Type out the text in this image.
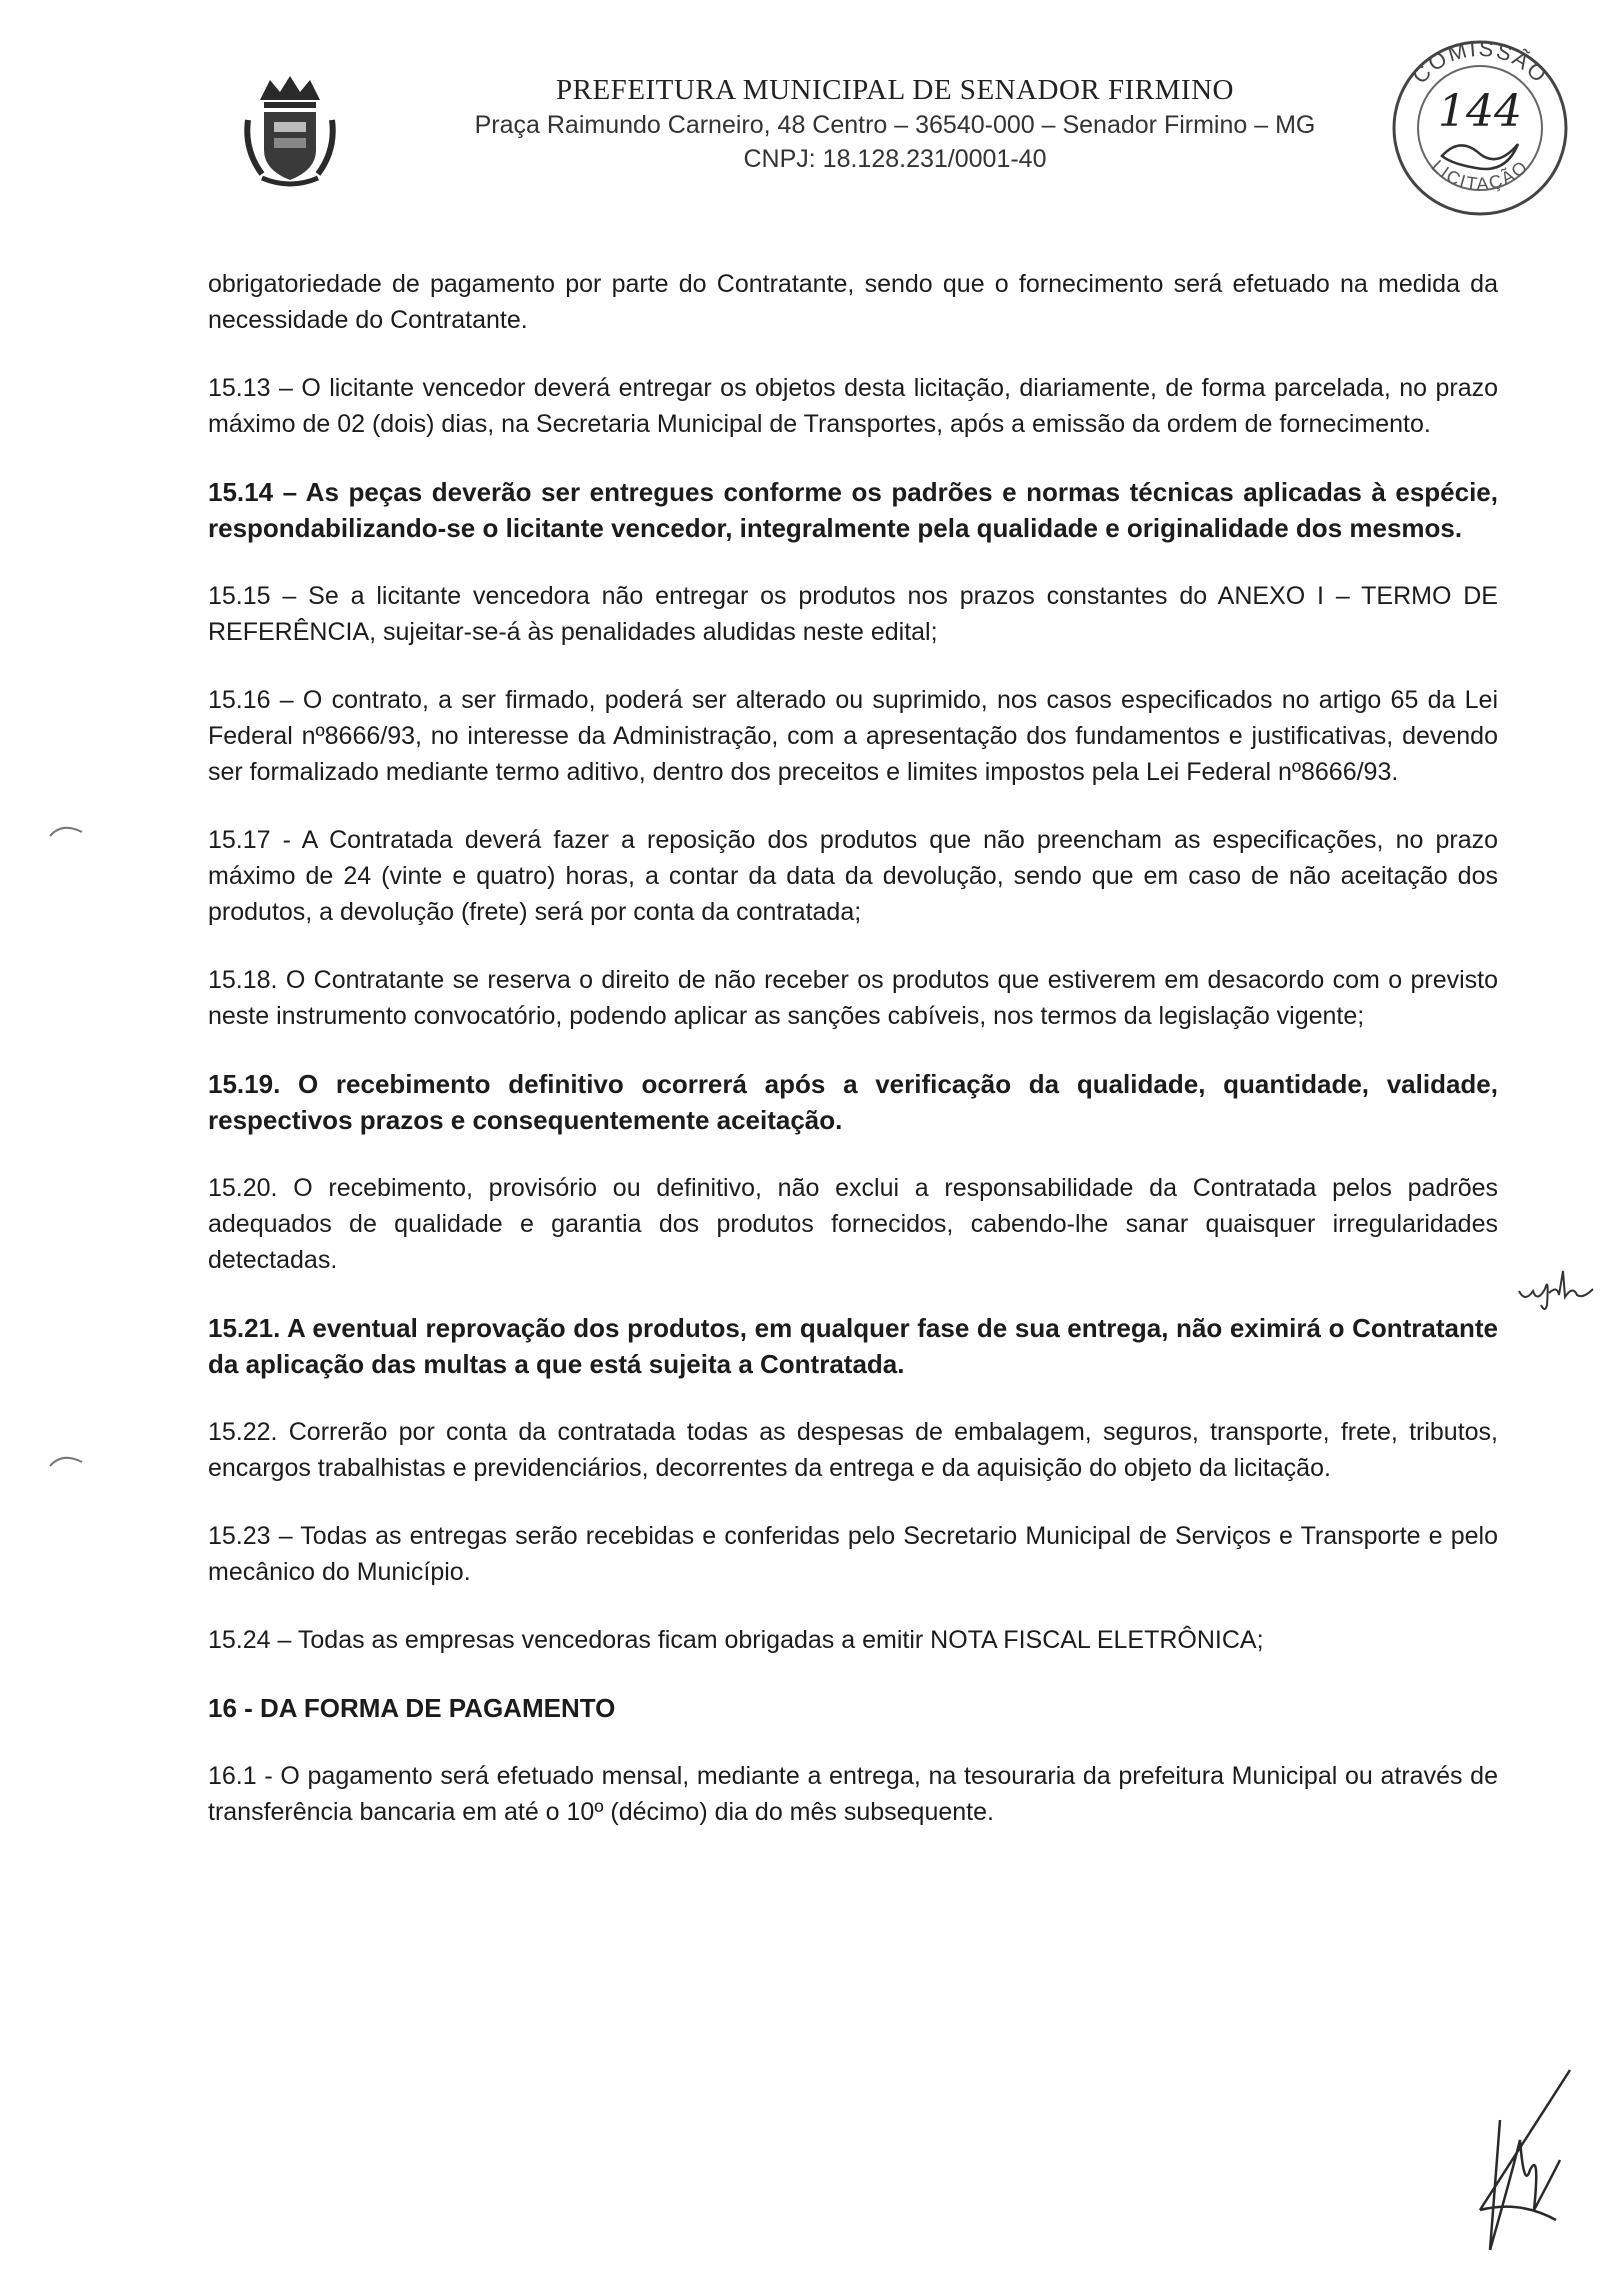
PREFEITURA MUNICIPAL DE SENADOR FIRMINO
Praça Raimundo Carneiro, 48 Centro – 36540-000 – Senador Firmino – MG
CNPJ: 18.128.231/0001-40
COMISSÃO
LICITAÇÃO
144

obrigatoriedade de pagamento por parte do Contratante, sendo que o fornecimento será efetuado na medida da necessidade do Contratante.

15.13 – O licitante vencedor deverá entregar os objetos desta licitação, diariamente, de forma parcelada, no prazo máximo de 02 (dois) dias, na Secretaria Municipal de Transportes, após a emissão da ordem de fornecimento.

15.14 – As peças deverão ser entregues conforme os padrões e normas técnicas aplicadas à espécie, respondabilizando-se o licitante vencedor, integralmente pela qualidade e originalidade dos mesmos.

15.15 – Se a licitante vencedora não entregar os produtos nos prazos constantes do ANEXO I – TERMO DE REFERÊNCIA, sujeitar-se-á às penalidades aludidas neste edital;

15.16 – O contrato, a ser firmado, poderá ser alterado ou suprimido, nos casos especificados no artigo 65 da Lei Federal nº8666/93, no interesse da Administração, com a apresentação dos fundamentos e justificativas, devendo ser formalizado mediante termo aditivo, dentro dos preceitos e limites impostos pela Lei Federal nº8666/93.

15.17 - A Contratada deverá fazer a reposição dos produtos que não preencham as especificações, no prazo máximo de 24 (vinte e quatro) horas, a contar da data da devolução, sendo que em caso de não aceitação dos produtos, a devolução (frete) será por conta da contratada;

15.18. O Contratante se reserva o direito de não receber os produtos que estiverem em desacordo com o previsto neste instrumento convocatório, podendo aplicar as sanções cabíveis, nos termos da legislação vigente;

15.19. O recebimento definitivo ocorrerá após a verificação da qualidade, quantidade, validade, respectivos prazos e consequentemente aceitação.

15.20. O recebimento, provisório ou definitivo, não exclui a responsabilidade da Contratada pelos padrões adequados de qualidade e garantia dos produtos fornecidos, cabendo-lhe sanar quaisquer irregularidades detectadas.

15.21. A eventual reprovação dos produtos, em qualquer fase de sua entrega, não eximirá o Contratante da aplicação das multas a que está sujeita a Contratada.

15.22. Correrão por conta da contratada todas as despesas de embalagem, seguros, transporte, frete, tributos, encargos trabalhistas e previdenciários, decorrentes da entrega e da aquisição do objeto da licitação.

15.23 – Todas as entregas serão recebidas e conferidas pelo Secretario Municipal de Serviços e Transporte e pelo mecânico do Município.

15.24 – Todas as empresas vencedoras ficam obrigadas a emitir NOTA FISCAL ELETRÔNICA;

16 - DA FORMA DE PAGAMENTO

16.1 - O pagamento será efetuado mensal, mediante a entrega, na tesouraria da prefeitura Municipal ou através de transferência bancaria em até o 10º (décimo) dia do mês subsequente.
